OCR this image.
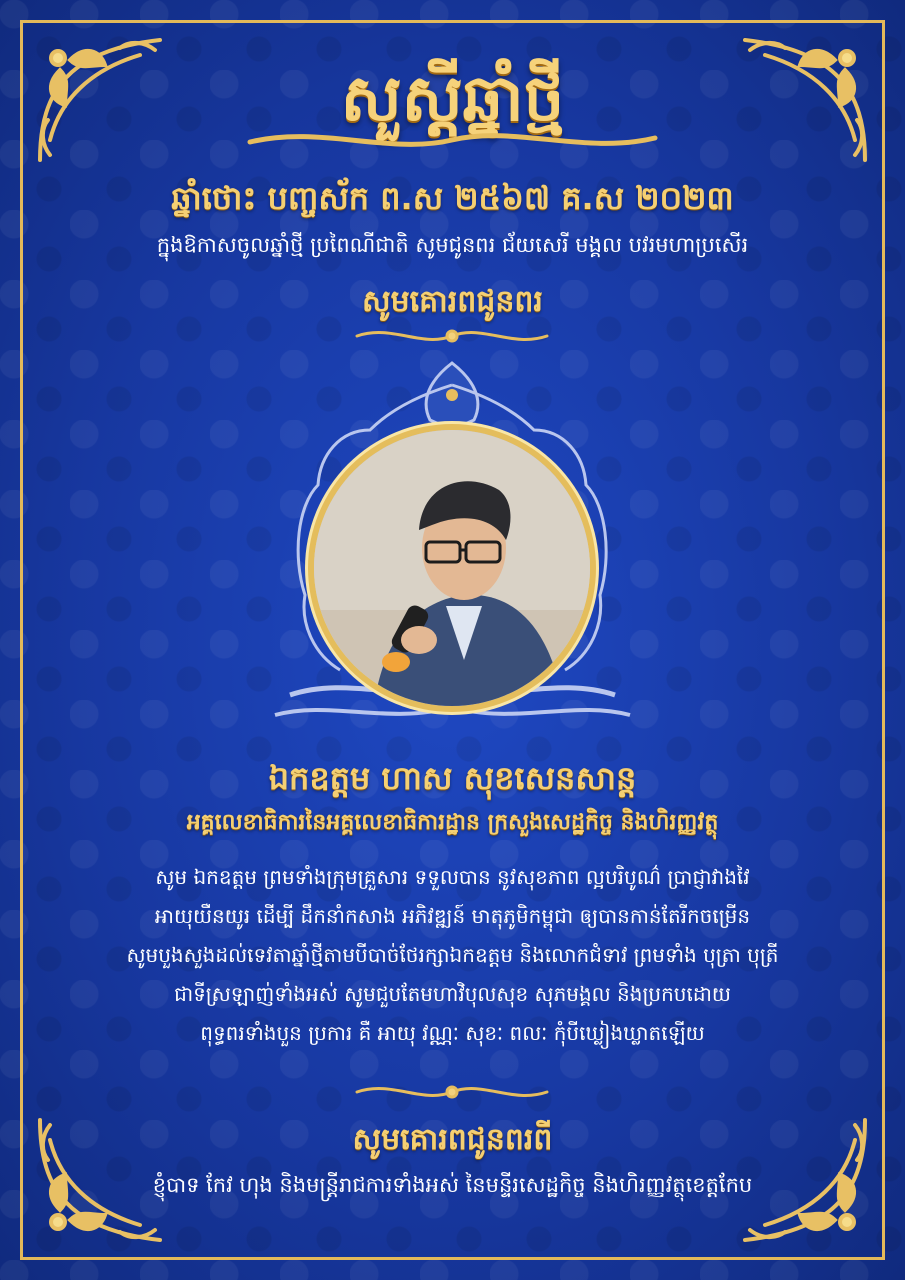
សួស្តីឆ្នាំថ្មី
ឆ្នាំថោះ បញ្ចស័ក ព.ស ២៥៦៧ គ.ស ២០២៣
ក្នុងឱកាសចូលឆ្នាំថ្មី ប្រពៃណីជាតិ សូមជូនពរ ជ័យសេរី មង្គល បវរមហាប្រសើរ
សូមគោរពជូនពរ
ឯកឧត្តម ហាស សុខសេនសាន្ត
អគ្គលេខាធិការនៃអគ្គលេខាធិការដ្ឋាន ក្រសួងសេដ្ឋកិច្ច និងហិរញ្ញវត្ថុ
សូម ឯកឧត្តម ព្រមទាំងក្រុមគ្រួសារ ទទួលបាន នូវសុខភាព ល្អបរិបូណ៌ ប្រាជ្ញាវាងវៃ
អាយុយឺនយូរ ដើម្បី ដឹកនាំកសាង អភិវឌ្ឍន៍ មាតុភូមិកម្ពុជា ឲ្យបានកាន់តែរីកចម្រើន
សូមបួងសួងដល់ទេវតាឆ្នាំថ្មីតាមបីបាច់ថែរក្សាឯកឧត្តម និងលោកជំទាវ ព្រមទាំង បុត្រា បុត្រី
ជាទីស្រឡាញ់ទាំងអស់ សូមជួបតែមហាវិបុលសុខ សុភមង្គល និងប្រកបដោយ
ពុទ្ធពរទាំងបួន ប្រការ គឺ អាយុ វណ្ណៈ សុខៈ ពលៈ កុំបីឃ្លៀងឃ្លាតឡើយ
សូមគោរពជូនពរពី
ខ្ញុំបាទ កែវ ហុង និងមន្ត្រីរាជការទាំងអស់ នៃមន្ទីរសេដ្ឋកិច្ច និងហិរញ្ញវត្ថុខេត្តកែប
